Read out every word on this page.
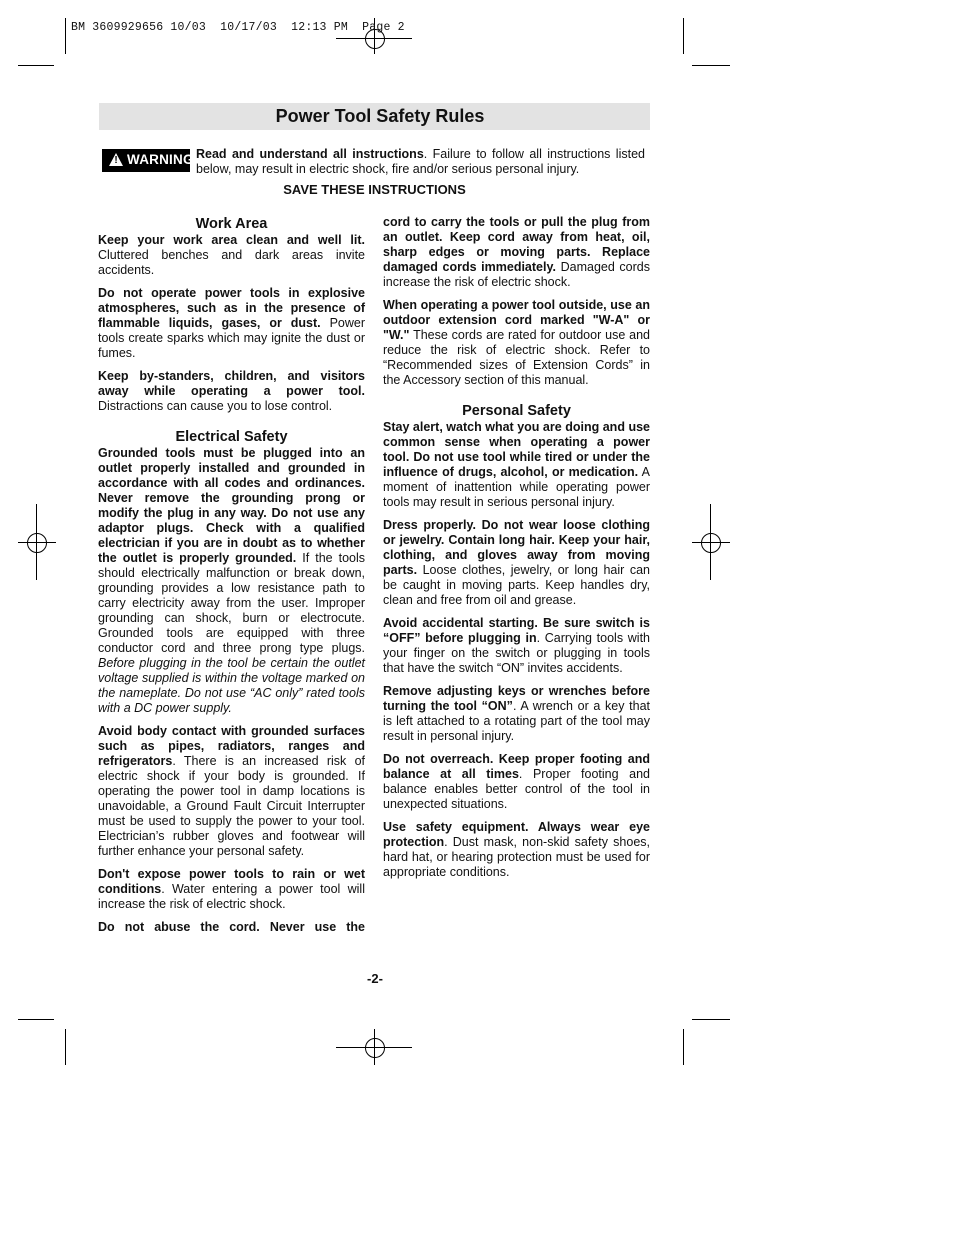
BM 3609929656 10/03  10/17/03  12:13 PM  Page 2
Power Tool Safety Rules
! WARNING Read and understand all instructions. Failure to follow all instructions listed below, may result in electric shock, fire and/or serious personal injury.
SAVE THESE INSTRUCTIONS
Work Area

Keep your work area clean and well lit. Cluttered benches and dark areas invite accidents.

Do not operate power tools in explosive atmospheres, such as in the presence of flammable liquids, gases, or dust. Power tools create sparks which may ignite the dust or fumes.

Keep by-standers, children, and visitors away while operating a power tool. Distractions can cause you to lose control.

Electrical Safety

Grounded tools must be plugged into an outlet properly installed and grounded in accordance with all codes and ordinances. Never remove the grounding prong or modify the plug in any way. Do not use any adaptor plugs. Check with a qualified electrician if you are in doubt as to whether the outlet is properly grounded. If the tools should electrically malfunction or break down, grounding provides a low resistance path to carry electricity away from the user. Improper grounding can shock, burn or electrocute. Grounded tools are equipped with three conductor cord and three prong type plugs. Before plugging in the tool be certain the outlet voltage supplied is within the voltage marked on the nameplate. Do not use “AC only” rated tools with a DC power supply.

Avoid body contact with grounded surfaces such as pipes, radiators, ranges and refrigerators. There is an increased risk of electric shock if your body is grounded. If operating the power tool in damp locations is unavoidable, a Ground Fault Circuit Interrupter must be used to supply the power to your tool. Electrician’s rubber gloves and footwear will further enhance your personal safety.

Don't expose power tools to rain or wet conditions. Water entering a power tool will increase the risk of electric shock.

Do not abuse the cord. Never use the

cord to carry the tools or pull the plug from an outlet. Keep cord away from heat, oil, sharp edges or moving parts. Replace damaged cords immediately. Damaged cords increase the risk of electric shock.

When operating a power tool outside, use an outdoor extension cord marked "W-A" or "W." These cords are rated for outdoor use and reduce the risk of electric shock. Refer to “Recommended sizes of Extension Cords” in the Accessory section of this manual.

Personal Safety

Stay alert, watch what you are doing and use common sense when operating a power tool. Do not use tool while tired or under the influence of drugs, alcohol, or medication. A moment of inattention while operating power tools may result in serious personal injury.

Dress properly. Do not wear loose clothing or jewelry. Contain long hair. Keep your hair, clothing, and gloves away from moving parts. Loose clothes, jewelry, or long hair can be caught in moving parts. Keep handles dry, clean and free from oil and grease.

Avoid accidental starting. Be sure switch is “OFF” before plugging in. Carrying tools with your finger on the switch or plugging in tools that have the switch “ON” invites accidents.

Remove adjusting keys or wrenches before turning the tool “ON”. A wrench or a key that is left attached to a rotating part of the tool may result in personal injury.

Do not overreach. Keep proper footing and balance at all times. Proper footing and balance enables better control of the tool in unexpected situations.

Use safety equipment. Always wear eye protection. Dust mask, non-skid safety shoes, hard hat, or hearing protection must be used for appropriate conditions.

-2-
